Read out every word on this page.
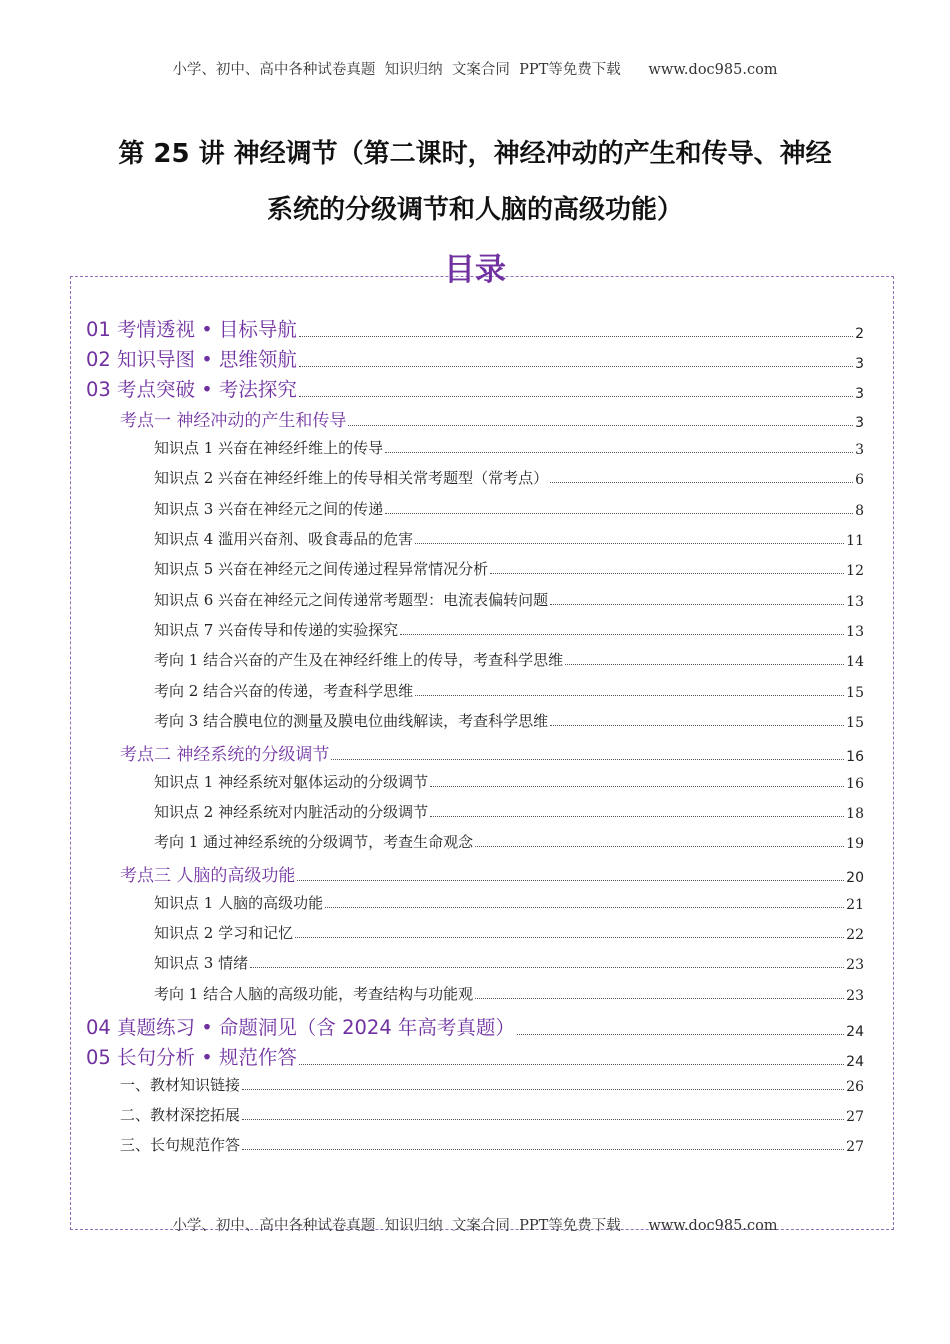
小学、初中、高中各种试卷真题  知识归纳  文案合同  PPT等免费下载      www.doc985.com
第 25 讲 神经调节（第二课时，神经冲动的产生和传导、神经
系统的分级调节和人脑的高级功能）
目录
01 考情透视 • 目标导航	2
02 知识导图 • 思维领航	3
03 考点突破 • 考法探究	3
考点一 神经冲动的产生和传导	3
知识点 1 兴奋在神经纤维上的传导	3
知识点 2 兴奋在神经纤维上的传导相关常考题型（常考点）	6
知识点 3 兴奋在神经元之间的传递	8
知识点 4 滥用兴奋剂、吸食毒品的危害	11
知识点 5 兴奋在神经元之间传递过程异常情况分析	12
知识点 6 兴奋在神经元之间传递常考题型：电流表偏转问题	13
知识点 7 兴奋传导和传递的实验探究	13
考向 1 结合兴奋的产生及在神经纤维上的传导，考查科学思维	14
考向 2 结合兴奋的传递，考查科学思维	15
考向 3 结合膜电位的测量及膜电位曲线解读，考查科学思维	15
考点二 神经系统的分级调节	16
知识点 1 神经系统对躯体运动的分级调节	16
知识点 2 神经系统对内脏活动的分级调节	18
考向 1 通过神经系统的分级调节，考查生命观念	19
考点三 人脑的高级功能	20
知识点 1 人脑的高级功能	21
知识点 2 学习和记忆	22
知识点 3 情绪	23
考向 1 结合人脑的高级功能，考查结构与功能观	23
04 真题练习 • 命题洞见（含 2024 年高考真题）	24
05 长句分析 • 规范作答	24
一、教材知识链接	26
二、教材深挖拓展	27
三、长句规范作答	27
小学、初中、高中各种试卷真题  知识归纳  文案合同  PPT等免费下载      www.doc985.com
